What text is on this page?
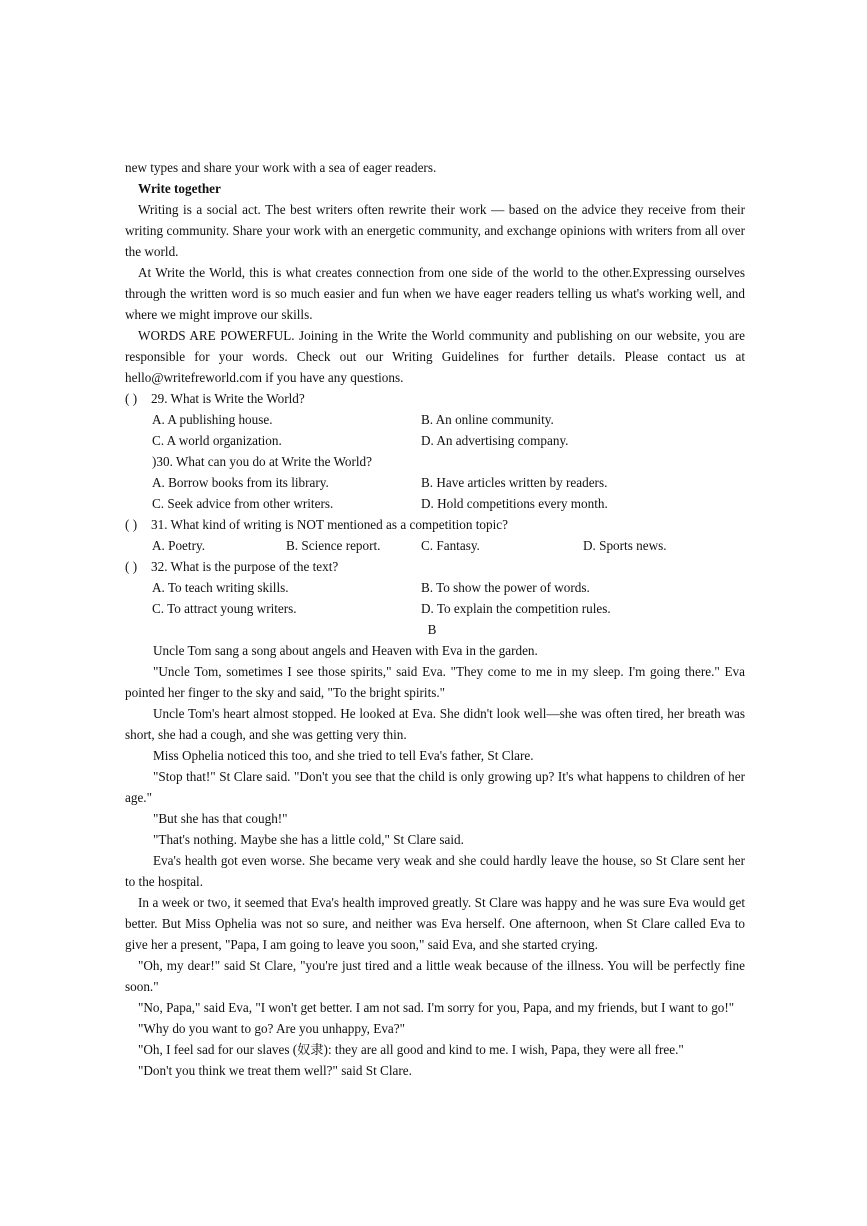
new types and share your work with a sea of eager readers.

Write together

Writing is a social act. The best writers often rewrite their work — based on the advice they receive from their writing community. Share your work with an energetic community, and exchange opinions with writers from all over the world.

At Write the World, this is what creates connection from one side of the world to the other.Expressing ourselves through the written word is so much easier and fun when we have eager readers telling us what's working well, and where we might improve our skills.

WORDS ARE POWERFUL. Joining in the Write the World community and publishing on our website, you are responsible for your words. Check out our Writing Guidelines for further details. Please contact us at hello@writefreworld.com if you have any questions.

( ) 29. What is Write the World?
A. A publishing house.	B. An online community.
C. A world organization.	D. An advertising company.
)30. What can you do at Write the World?
A. Borrow books from its library.	B. Have articles written by readers.
C. Seek advice from other writers.	D. Hold competitions every month.
( ) 31. What kind of writing is NOT mentioned as a competition topic?
A. Poetry.	B. Science report.	C. Fantasy.	D. Sports news.
( ) 32. What is the purpose of the text?
A. To teach writing skills.	B. To show the power of words.
C. To attract young writers.	D. To explain the competition rules.

B

Uncle Tom sang a song about angels and Heaven with Eva in the garden.

"Uncle Tom, sometimes I see those spirits," said Eva. "They come to me in my sleep. I'm going there." Eva pointed her finger to the sky and said, "To the bright spirits."

Uncle Tom's heart almost stopped. He looked at Eva. She didn't look well—she was often tired, her breath was short, she had a cough, and she was getting very thin.

Miss Ophelia noticed this too, and she tried to tell Eva's father, St Clare.

"Stop that!" St Clare said. "Don't you see that the child is only growing up? It's what happens to children of her age."

"But she has that cough!"

"That's nothing. Maybe she has a little cold," St Clare said.

Eva's health got even worse. She became very weak and she could hardly leave the house, so St Clare sent her to the hospital.

In a week or two, it seemed that Eva's health improved greatly. St Clare was happy and he was sure Eva would get better. But Miss Ophelia was not so sure, and neither was Eva herself. One afternoon, when St Clare called Eva to give her a present, "Papa, I am going to leave you soon," said Eva, and she started crying.

"Oh, my dear!" said St Clare, "you're just tired and a little weak because of the illness. You will be perfectly fine soon."

"No, Papa," said Eva, "I won't get better. I am not sad. I'm sorry for you, Papa, and my friends, but I want to go!"

"Why do you want to go? Are you unhappy, Eva?"

"Oh, I feel sad for our slaves (奴隶): they are all good and kind to me. I wish, Papa, they were all free."

"Don't you think we treat them well?" said St Clare.
